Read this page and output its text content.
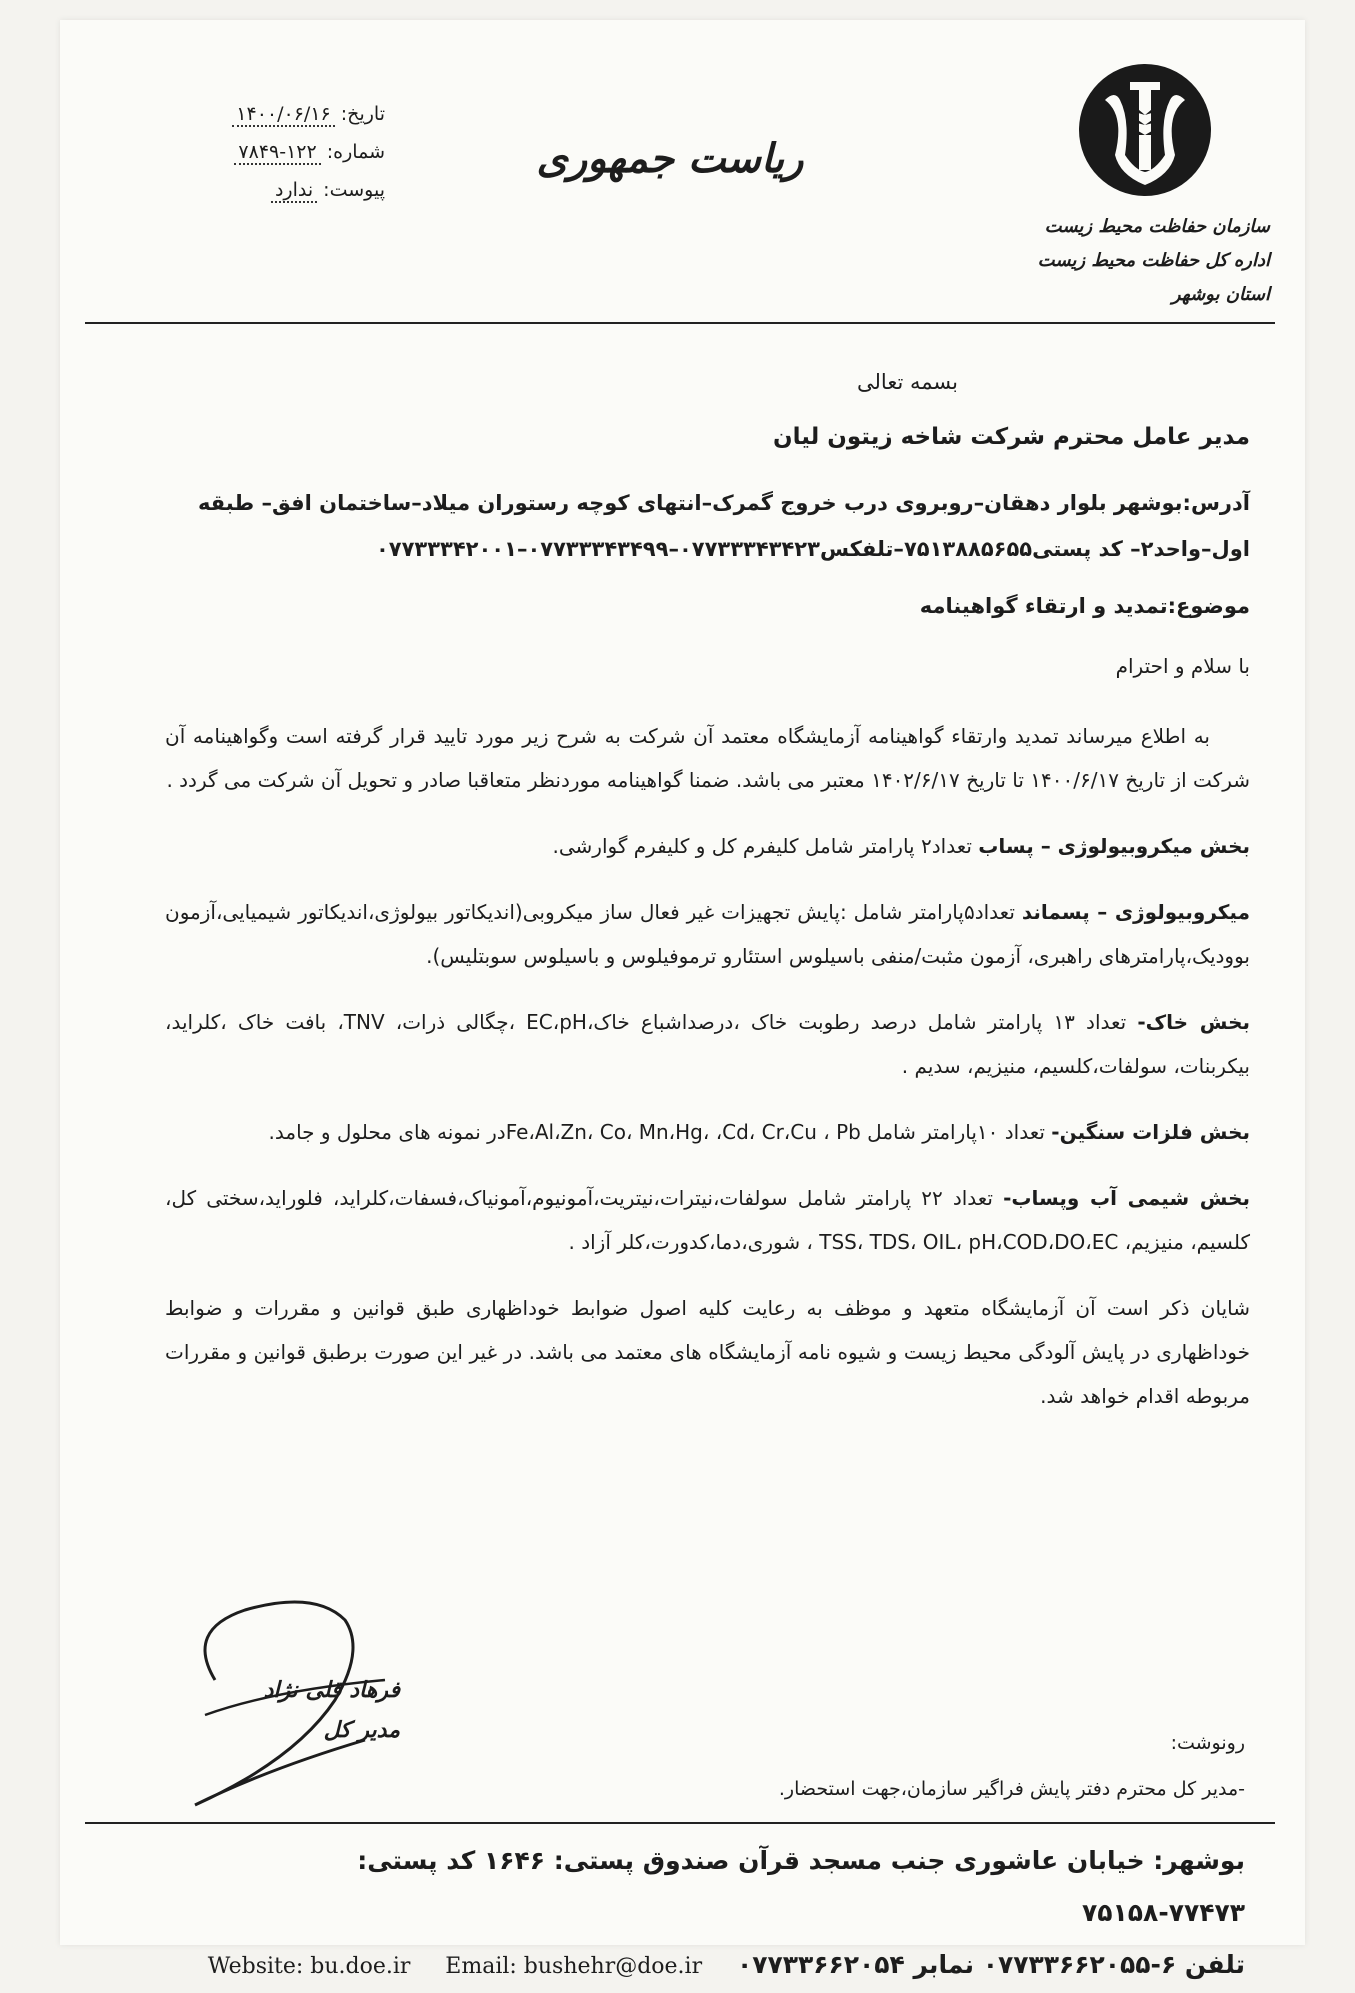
تاریخ: ۱۴۰۰/۰۶/۱۶
شماره: ۱۲۲-۷۸۴۹
پیوست: ندارد
ریاست جمهوری
سازمان حفاظت محیط زیست
اداره کل حفاظت محیط زیست استان بوشهر
بسمه تعالی
مدیر عامل محترم شرکت شاخه زیتون لیان
آدرس:بوشهر بلوار دهقان–روبروی درب خروج گمرک–انتهای کوچه رستوران میلاد–ساختمان افق– طبقه اول–واحد۲– کد پستی۷۵۱۳۸۸۵۶۵۵–تلفکس۰۷۷۳۳۳۴۳۴۲۳–۰۷۷۳۳۳۴۳۴۹۹–۰۷۷۳۳۳۴۲۰۰۱
موضوع:تمدید و ارتقاء گواهینامه
با سلام و احترام
به اطلاع میرساند تمدید وارتقاء گواهینامه آزمایشگاه معتمد آن شرکت به شرح زیر مورد تایید قرار گرفته است وگواهینامه آن شرکت از تاریخ ۱۴۰۰/۶/۱۷ تا تاریخ ۱۴۰۲/۶/۱۷ معتبر می باشد. ضمنا گواهینامه موردنظر متعاقبا صادر و تحویل آن شرکت می گردد .
بخش میکروبیولوژی – پساب تعداد۲ پارامتر شامل کلیفرم کل و کلیفرم گوارشی.
میکروبیولوژی – پسماند تعداد۵پارامتر شامل :پایش تجهیزات غیر فعال ساز میکروبی(اندیکاتور بیولوژی،اندیکاتور شیمیایی،آزمون بوودیک،پارامترهای راهبری، آزمون مثبت/منفی باسیلوس استئارو ترموفیلوس و باسیلوس سوبتلیس).
بخش خاک- تعداد ۱۳ پارامتر شامل درصد رطوبت خاک ،درصداشباع خاک،EC،pH ،چگالی ذرات، TNV، بافت خاک ،کلراید، بیکربنات، سولفات،کلسیم، منیزیم، سدیم .
بخش فلزات سنگین- تعداد ۱۰پارامتر شامل Fe،Al،Zn، Co، Mn،Hg، ،Cd، Cr،Cu ، Pbدر نمونه های محلول و جامد.
بخش شیمی آب وپساب- تعداد ۲۲ پارامتر شامل سولفات،نیترات،نیتریت،آمونیوم،آمونیاک،فسفات،کلراید، فلوراید،سختی کل، کلسیم، منیزیم، TSS، TDS، OIL، pH،COD،DO،EC ، شوری،دما،کدورت،کلر آزاد .
شایان ذکر است آن آزمایشگاه متعهد و موظف به رعایت کلیه اصول ضوابط خوداظهاری طبق قوانین و مقررات و ضوابط خوداظهاری در پایش آلودگی محیط زیست و شیوه نامه آزمایشگاه های معتمد می باشد. در غیر این صورت برطبق قوانین و مقررات مربوطه اقدام خواهد شد.
فرهاد قلی نژاد
مدیر کل	رونوشت:
-مدیر کل محترم دفتر پایش فراگیر سازمان،جهت استحضار.
بوشهر: خیابان عاشوری جنب مسجد قرآن صندوق پستی: ۱۶۴۶ کد پستی: ۷۷۴۷۳-۷۵۱۵۸
تلفن ۶-۰۷۷۳۳۶۶۲۰۵۵ نمابر ۰۷۷۳۳۶۶۲۰۵۴    Website: bu.doe.ir Email: bushehr@doe.ir
